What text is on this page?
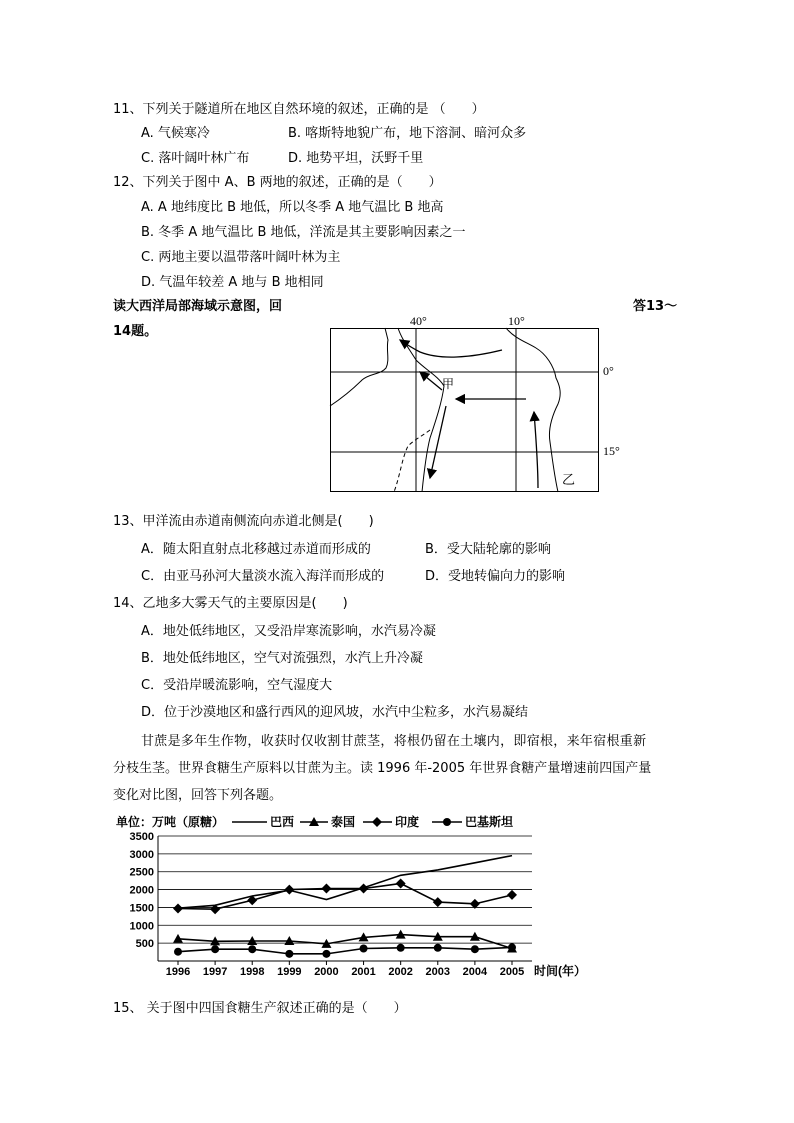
11、下列关于隧道所在地区自然环境的叙述，正确的是 （　　）
A. 气候寒冷	B. 喀斯特地貌广布，地下溶洞、暗河众多
C. 落叶阔叶林广布	D. 地势平坦，沃野千里
12、下列关于图中 A、B 两地的叙述，正确的是（　　）
A. A 地纬度比 B 地低，所以冬季 A 地气温比 B 地高
B. 冬季 A 地气温比 B 地低，洋流是其主要影响因素之一
C. 两地主要以温带落叶阔叶林为主
D. 气温年较差 A 地与 B 地相同
读大西洋局部海域示意图，回	答13～
14题。
甲
乙
40°	10°
0°
15°
13、甲洋流由赤道南侧流向赤道北侧是(　　)
A．随太阳直射点北移越过赤道而形成的	B．受大陆轮廓的影响
C．由亚马孙河大量淡水流入海洋而形成的	D．受地转偏向力的影响
14、乙地多大雾天气的主要原因是(　　)
A．地处低纬地区，又受沿岸寒流影响，水汽易冷凝
B．地处低纬地区，空气对流强烈，水汽上升冷凝
C．受沿岸暖流影响，空气湿度大
D．位于沙漠地区和盛行西风的迎风坡，水汽中尘粒多，水汽易凝结
甘蔗是多年生作物，收获时仅收割甘蔗茎，将根仍留在土壤内，即宿根，来年宿根重新
分枝生茎。世界食糖生产原料以甘蔗为主。读 1996 年-2005 年世界食糖产量增速前四国产量
变化对比图，回答下列各题。
单位：万吨（原糖）	巴西	泰国	印度	巴基斯坦
时间(年）
500
1000
1500
2000
2500
3000
3500
1996 1997 1998 1999 2000 2001 2002 2003 2004 2005
15、 关于图中四国食糖生产叙述正确的是（　　）
